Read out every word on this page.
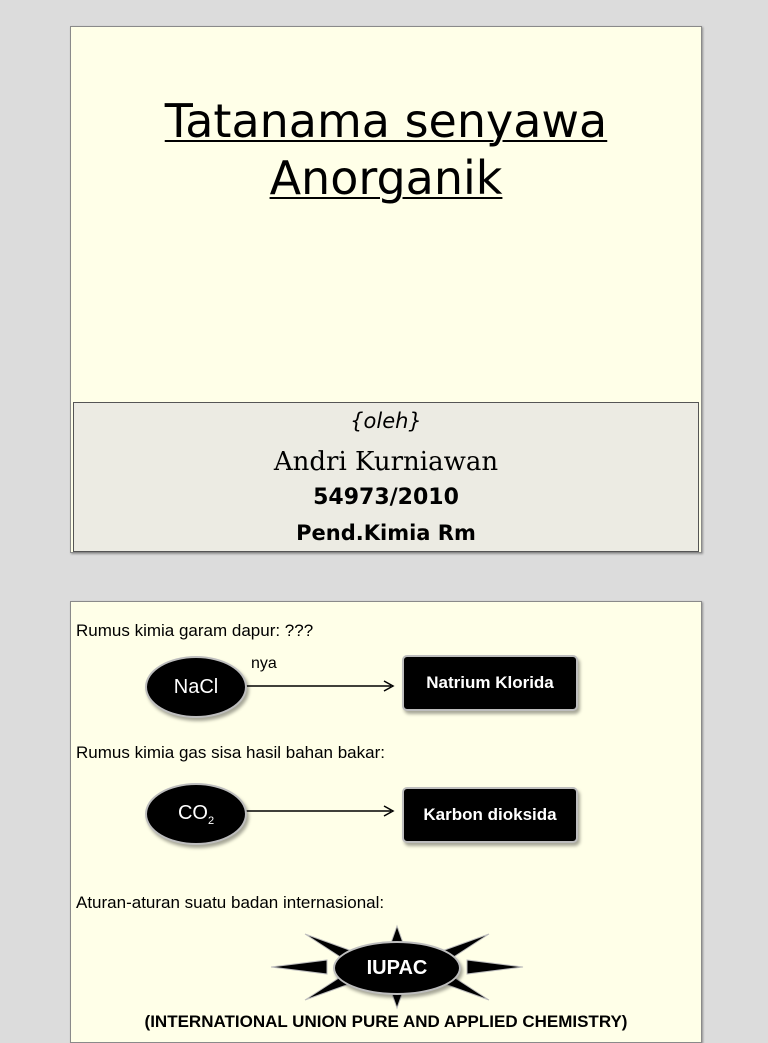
Tatanama senyawa
Anorganik
{oleh}
Andri Kurniawan
54973/2010
Pend.Kimia Rm
Rumus kimia garam dapur: ???
nya
NaCl	Natrium Klorida
Rumus kimia gas sisa hasil bahan bakar:
$CO_2$	Karbon dioksida
Aturan-aturan suatu badan internasional:
IUPAC
(INTERNATIONAL UNION PURE AND APPLIED CHEMISTRY)
